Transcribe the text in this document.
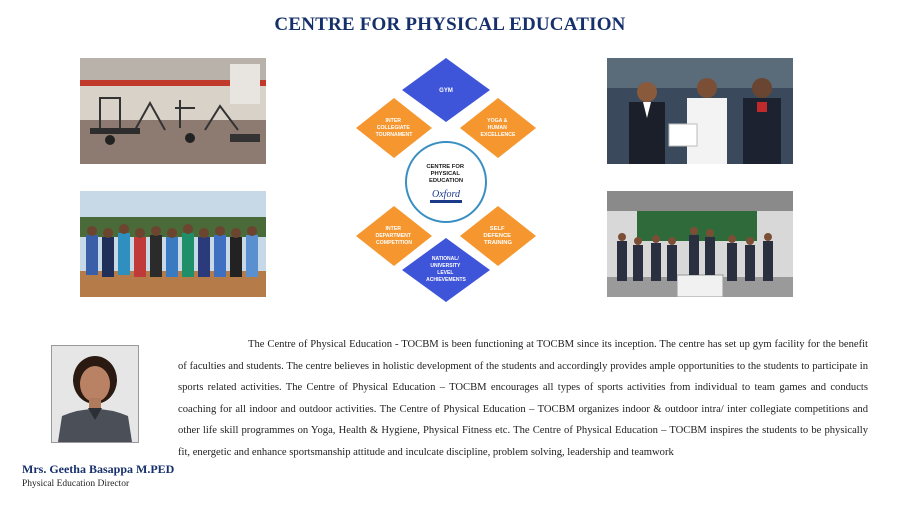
CENTRE FOR PHYSICAL EDUCATION
GYM
INTER COLLEGIATE TOURNAMENT
YOGA & HUMAN EXCELLENCE
CENTRE FOR PHYSICAL EDUCATION
Oxford
INTER DEPARTMENT COMPETITION
SELF DEFENCE TRAINING
NATIONAL/ UNIVERSITY LEVEL ACHIEVEMENTS
Mrs. Geetha Basappa M.PED
Physical Education Director
The Centre of Physical Education - TOCBM is been functioning at TOCBM since its inception. The centre has set up gym facility for the benefit of faculties and students. The centre believes in holistic development of the students and accordingly provides ample opportunities to the students to participate in sports related activities. The Centre of Physical Education – TOCBM encourages all types of sports activities from individual to team games and conducts coaching for all indoor and outdoor activities. The Centre of Physical Education – TOCBM organizes indoor & outdoor intra/ inter collegiate competitions and other life skill programmes on Yoga, Health & Hygiene, Physical Fitness etc. The Centre of Physical Education – TOCBM inspires the students to be physically fit, energetic and enhance sportsmanship attitude and inculcate discipline, problem solving, leadership and teamwork
